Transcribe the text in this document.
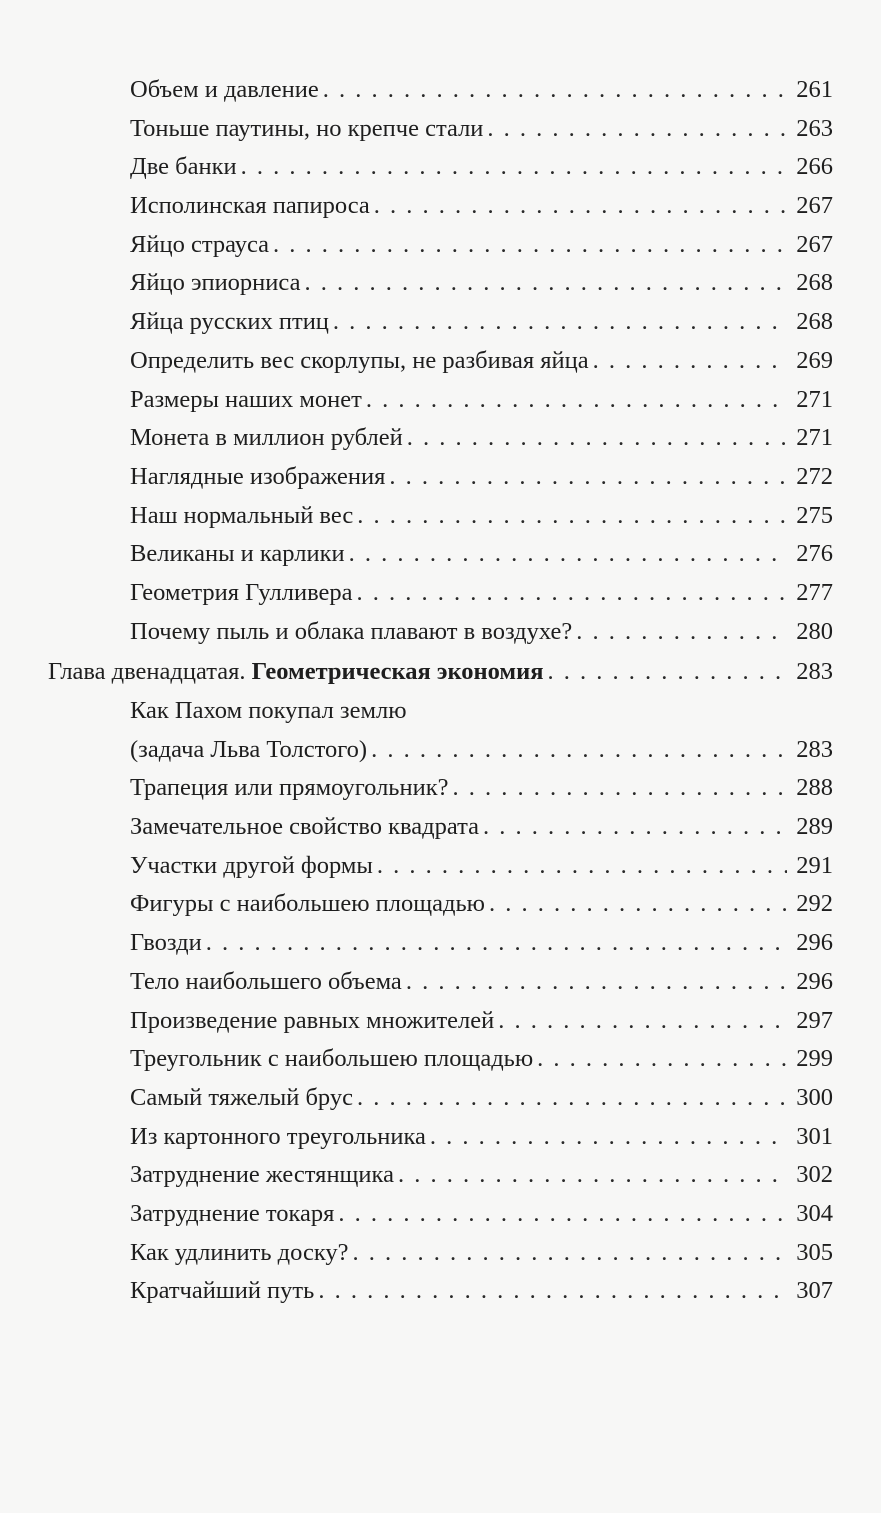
Объем и давление . . .	261
Тоньше паутины, но крепче стали . . .	263
Две банки . . .	266
Исполинская папироса . . .	267
Яйцо страуса . . .	267
Яйцо эпиорниса . . .	268
Яйца русских птиц . . .	268
Определить вес скорлупы, не разбивая яйца . . .	269
Размеры наших монет . . .	271
Монета в миллион рублей . . .	271
Наглядные изображения . . .	272
Наш нормальный вес . . .	275
Великаны и карлики . . .	276
Геометрия Гулливера . . .	277
Почему пыль и облака плавают в воздухе? . . .	280
Глава двенадцатая. Геометрическая экономия . . .	283
Как Пахом покупал землю
(задача Льва Толстого) . . .	283
Трапеция или прямоугольник? . . .	288
Замечательное свойство квадрата . . .	289
Участки другой формы . . .	291
Фигуры с наибольшею площадью . . .	292
Гвозди . . .	296
Тело наибольшего объема . . .	296
Произведение равных множителей . . .	297
Треугольник с наибольшею площадью . . .	299
Самый тяжелый брус . . .	300
Из картонного треугольника . . .	301
Затруднение жестянщика . . .	302
Затруднение токаря . . .	304
Как удлинить доску? . . .	305
Кратчайший путь . . .	307
